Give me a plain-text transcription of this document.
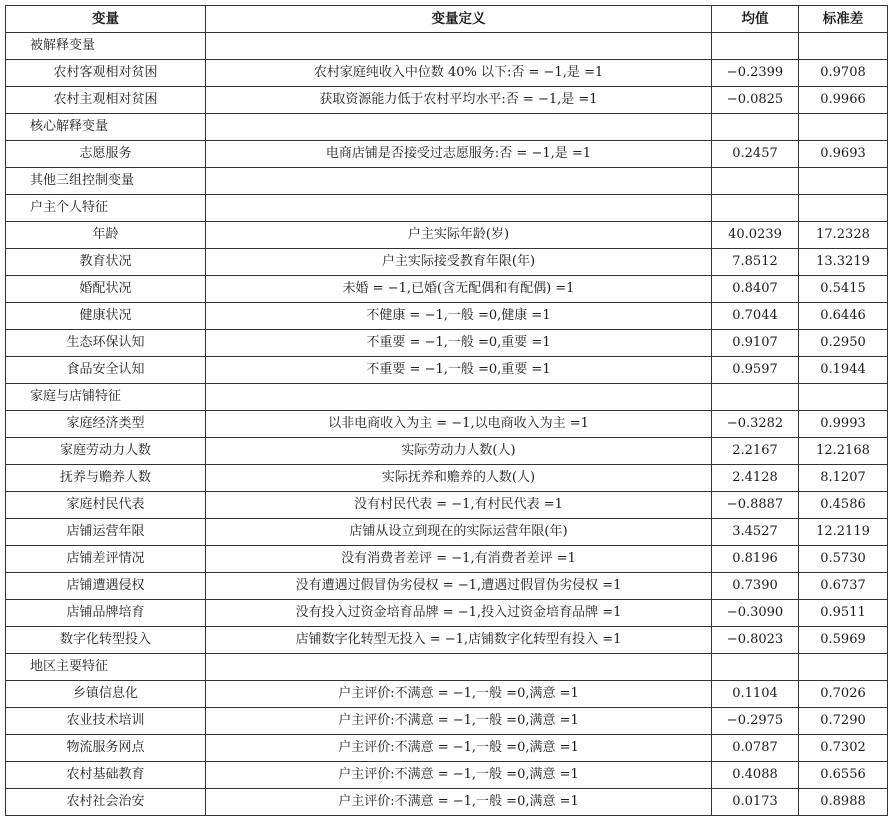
变量	变量定义	均值	标准差
被解释变量			
农村客观相对贫困	农村家庭纯收入中位数 40% 以下:否 = −1,是 =1	−0.2399	0.9708
农村主观相对贫困	获取资源能力低于农村平均水平:否 = −1,是 =1	−0.0825	0.9966
核心解释变量			
志愿服务	电商店铺是否接受过志愿服务:否 = −1,是 =1	0.2457	0.9693
其他三组控制变量			
户主个人特征			
年龄	户主实际年龄(岁)	40.0239	17.2328
教育状况	户主实际接受教育年限(年)	7.8512	13.3219
婚配状况	未婚 = −1,已婚(含无配偶和有配偶) =1	0.8407	0.5415
健康状况	不健康 = −1,一般 =0,健康 =1	0.7044	0.6446
生态环保认知	不重要 = −1,一般 =0,重要 =1	0.9107	0.2950
食品安全认知	不重要 = −1,一般 =0,重要 =1	0.9597	0.1944
家庭与店铺特征			
家庭经济类型	以非电商收入为主 = −1,以电商收入为主 =1	−0.3282	0.9993
家庭劳动力人数	实际劳动力人数(人)	2.2167	12.2168
抚养与赡养人数	实际抚养和赡养的人数(人)	2.4128	8.1207
家庭村民代表	没有村民代表 = −1,有村民代表 =1	−0.8887	0.4586
店铺运营年限	店铺从设立到现在的实际运营年限(年)	3.4527	12.2119
店铺差评情况	没有消费者差评 = −1,有消费者差评 =1	0.8196	0.5730
店铺遭遇侵权	没有遭遇过假冒伪劣侵权 = −1,遭遇过假冒伪劣侵权 =1	0.7390	0.6737
店铺品牌培育	没有投入过资金培育品牌 = −1,投入过资金培育品牌 =1	−0.3090	0.9511
数字化转型投入	店铺数字化转型无投入 = −1,店铺数字化转型有投入 =1	−0.8023	0.5969
地区主要特征			
乡镇信息化	户主评价:不满意 = −1,一般 =0,满意 =1	0.1104	0.7026
农业技术培训	户主评价:不满意 = −1,一般 =0,满意 =1	−0.2975	0.7290
物流服务网点	户主评价:不满意 = −1,一般 =0,满意 =1	0.0787	0.7302
农村基础教育	户主评价:不满意 = −1,一般 =0,满意 =1	0.4088	0.6556
农村社会治安	户主评价:不满意 = −1,一般 =0,满意 =1	0.0173	0.8988
